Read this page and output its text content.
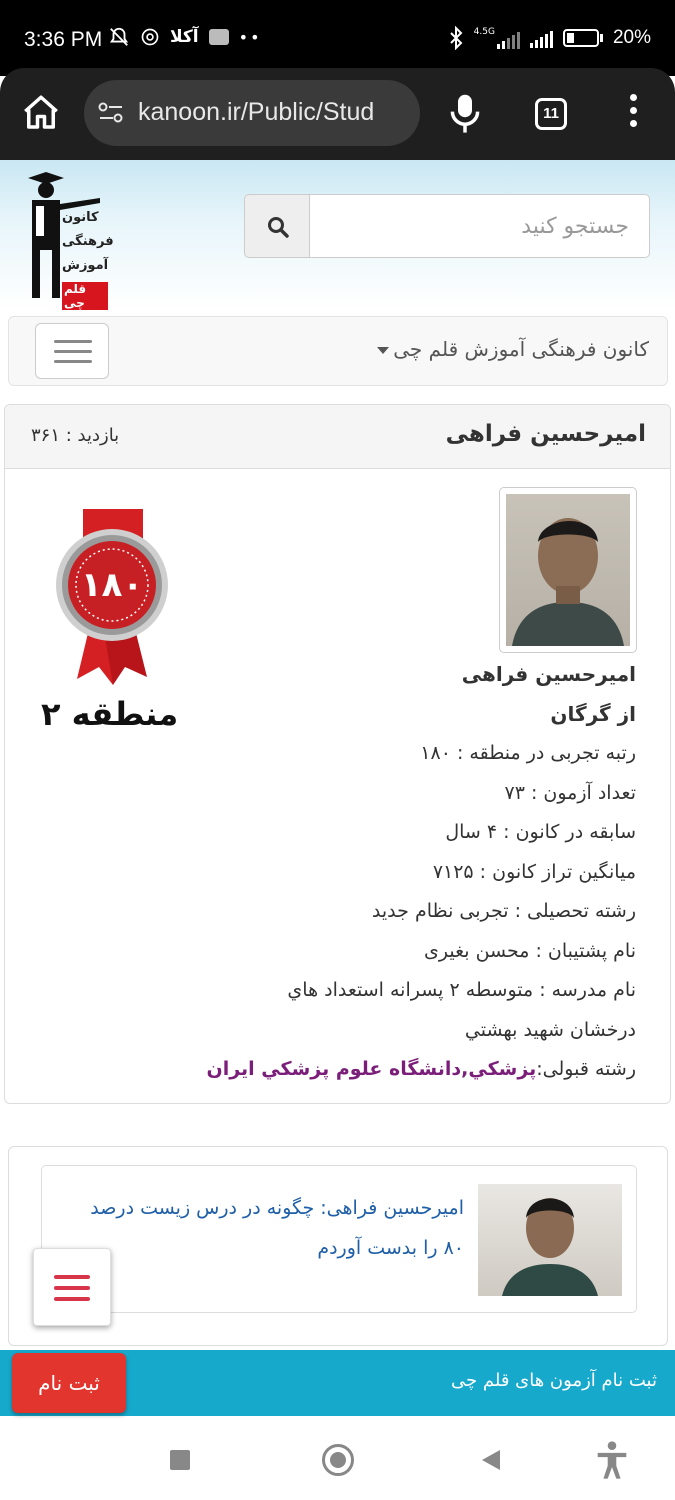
3:36 PM	آکلا	••	4.5G	20%
kanoon.ir/Public/Stud	11
کانون
فرهنگی
آموزش
قلم چی
جستجو کنید
کانون فرهنگی آموزش قلم چی
امیرحسین فراهی
بازدید : ۳۶۱
امیرحسین فراهی
از گرگان
رتبه تجربی در منطقه : ۱۸۰
تعداد آزمون : ۷۳
سابقه در کانون : ۴ سال
میانگین تراز کانون : ۷۱۲۵
رشته تحصیلی : تجربی نظام جدید
نام پشتیبان : محسن بغیری
نام مدرسه : متوسطه ۲ پسرانه استعداد هاي درخشان شهید بهشتي
رشته قبولی:پزشكي,دانشگاه علوم پزشكي ايران
۱۸۰
منطقه ۲
امیرحسین فراهی: چگونه در درس زیست درصد ۸۰ را بدست آوردم
ثبت نام آزمون های قلم چی
ثبت نام
